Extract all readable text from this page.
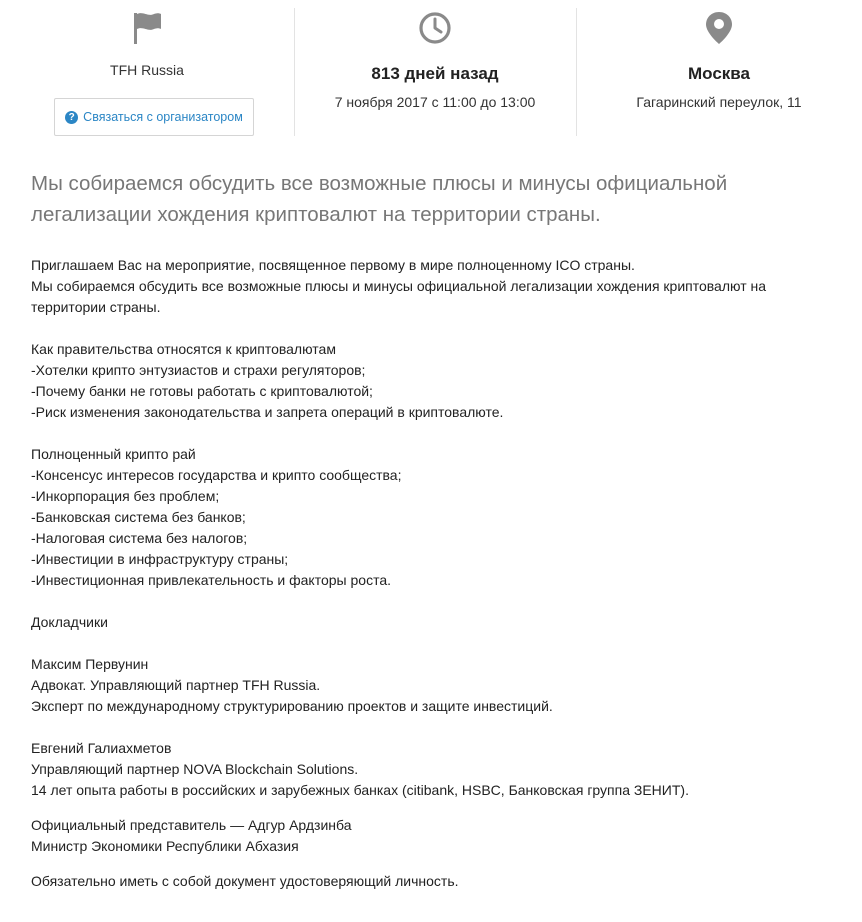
TFH Russia
? Связаться с организатором
813 дней назад
7 ноября 2017 с 11:00 до 13:00
Москва
Гагаринский переулок, 11
Мы собираемся обсудить все возможные плюсы и минусы официальной легализации хождения криптовалют на территории страны.

Приглашаем Вас на мероприятие, посвященное первому в мире полноценному ICO страны.

Мы собираемся обсудить все возможные плюсы и минусы официальной легализации хождения криптовалют на территории страны.

Как правительства относятся к криптовалютам

-Хотелки крипто энтузиастов и страхи регуляторов;

-Почему банки не готовы работать с криптовалютой;

-Риск изменения законодательства и запрета операций в криптовалюте.

Полноценный крипто рай

-Консенсус интересов государства и крипто сообщества;

-Инкорпорация без проблем;

-Банковская система без банков;

-Налоговая система без налогов;

-Инвестиции в инфраструктуру страны;

-Инвестиционная привлекательность и факторы роста.

Докладчики

Максим Первунин

Адвокат. Управляющий партнер TFH Russia.

Эксперт по международному структурированию проектов и защите инвестиций.

Евгений Галиахметов

Управляющий партнер NOVA Blockchain Solutions.

14 лет опыта работы в российских и зарубежных банках (citibank, HSBC, Банковская группа ЗЕНИТ).

Официальный представитель — Адгур Ардзинба

Министр Экономики Республики Абхазия

Обязательно иметь с собой документ удостоверяющий личность.
